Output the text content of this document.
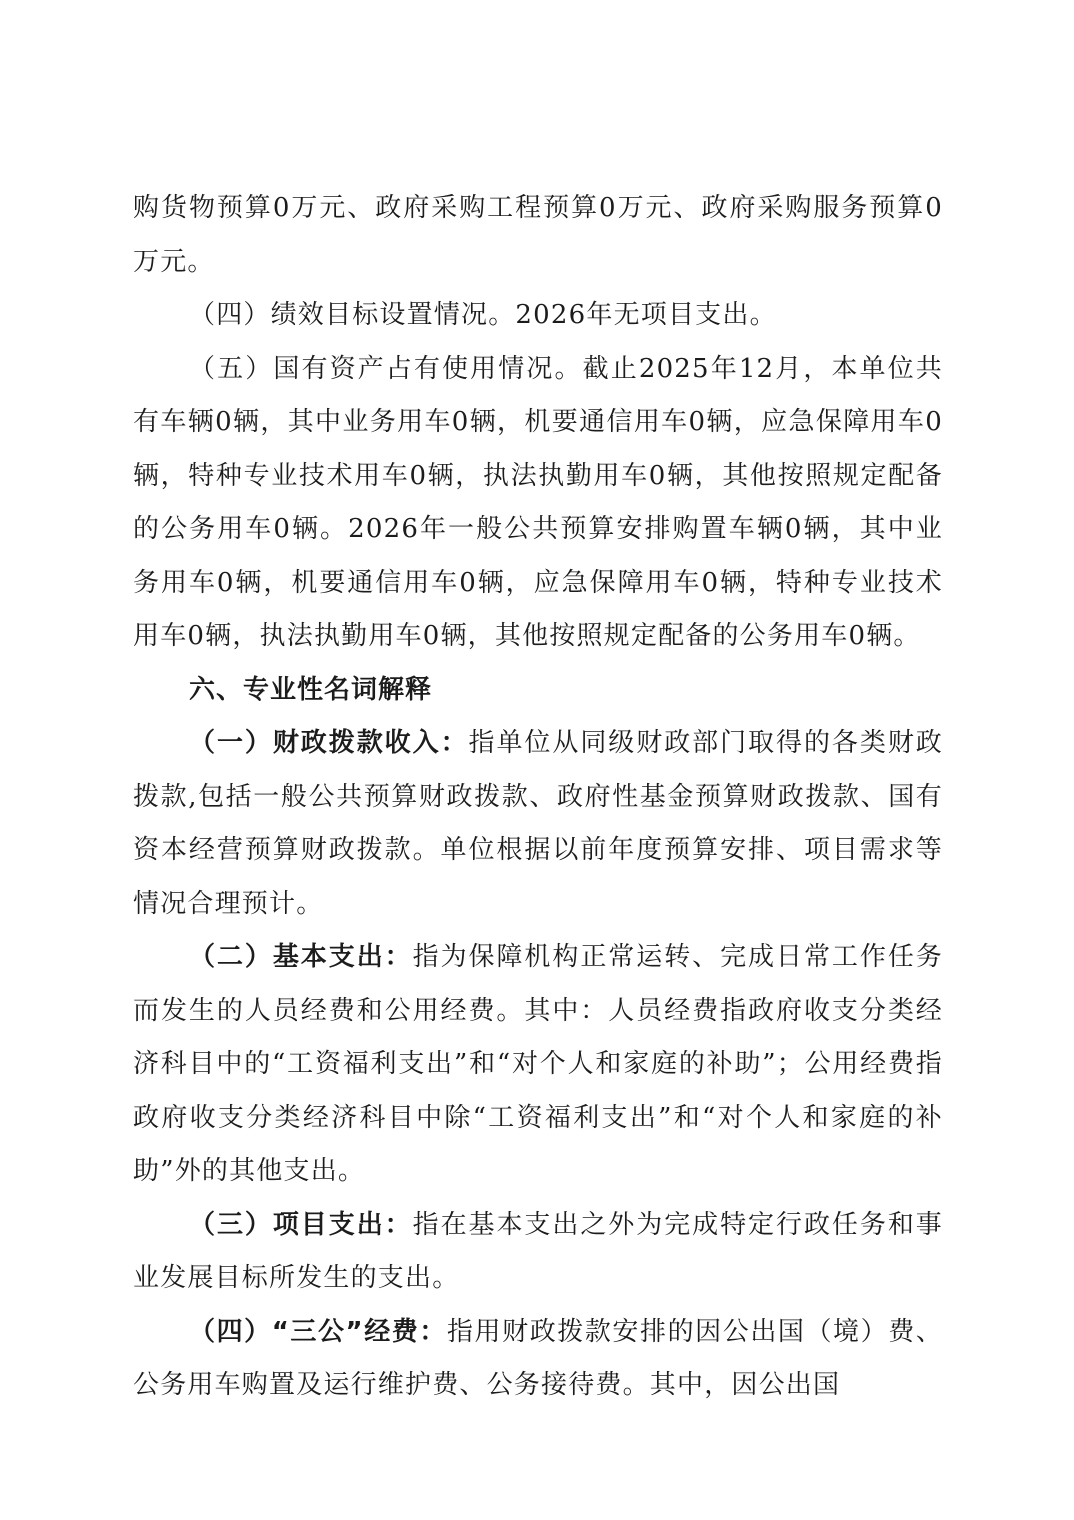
购货物预算0万元、政府采购工程预算0万元、政府采购服务预算0万元。

（四）绩效目标设置情况。2026年无项目支出。

（五）国有资产占有使用情况。截止2025年12月，本单位共有车辆0辆，其中业务用车0辆，机要通信用车0辆，应急保障用车0辆，特种专业技术用车0辆，执法执勤用车0辆，其他按照规定配备的公务用车0辆。2026年一般公共预算安排购置车辆0辆，其中业务用车0辆，机要通信用车0辆，应急保障用车0辆，特种专业技术用车0辆，执法执勤用车0辆，其他按照规定配备的公务用车0辆。

六、专业性名词解释

（一）财政拨款收入：指单位从同级财政部门取得的各类财政拨款,包括一般公共预算财政拨款、政府性基金预算财政拨款、国有资本经营预算财政拨款。单位根据以前年度预算安排、项目需求等情况合理预计。

（二）基本支出：指为保障机构正常运转、完成日常工作任务而发生的人员经费和公用经费。其中：人员经费指政府收支分类经济科目中的“工资福利支出”和“对个人和家庭的补助”；公用经费指政府收支分类经济科目中除“工资福利支出”和“对个人和家庭的补助”外的其他支出。

（三）项目支出：指在基本支出之外为完成特定行政任务和事业发展目标所发生的支出。

（四）“三公”经费：指用财政拨款安排的因公出国（境）费、公务用车购置及运行维护费、公务接待费。其中，因公出国
